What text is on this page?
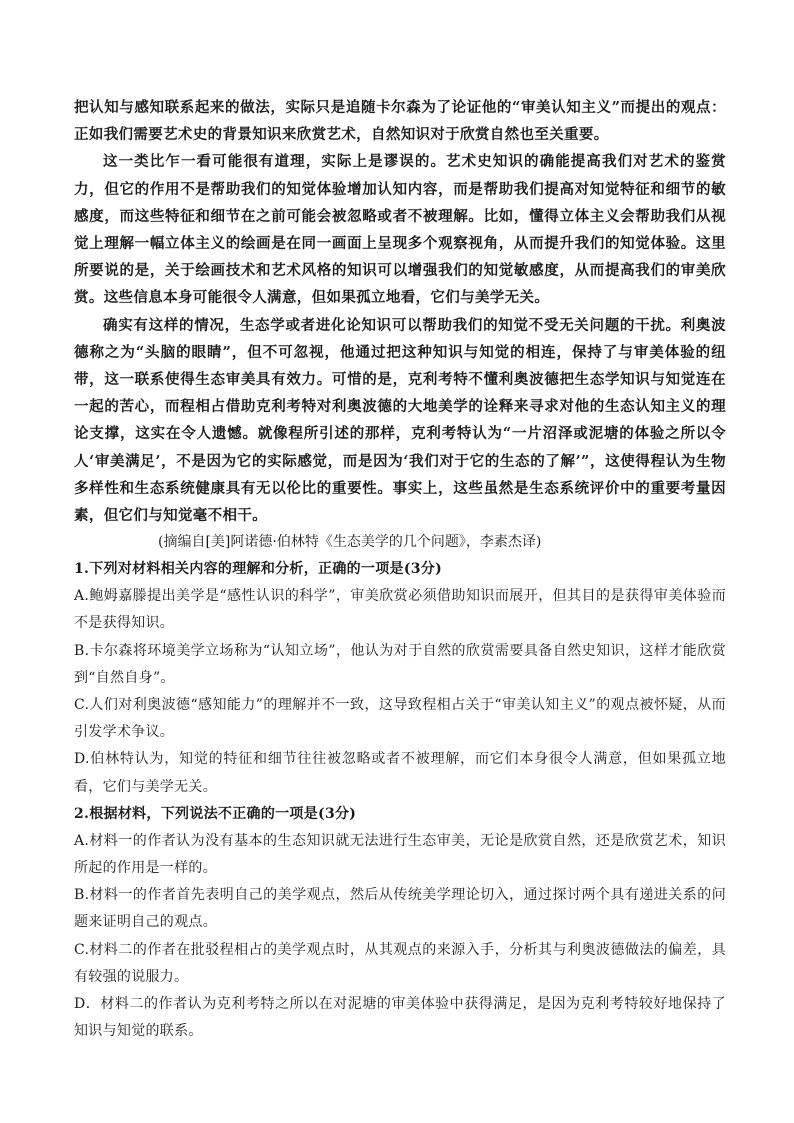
把认知与感知联系起来的做法，实际只是追随卡尔森为了论证他的“审美认知主义”而提出的观点：正如我们需要艺术史的背景知识来欣赏艺术，自然知识对于欣赏自然也至关重要。

这一类比乍一看可能很有道理，实际上是谬误的。艺术史知识的确能提高我们对艺术的鉴赏力，但它的作用不是帮助我们的知觉体验增加认知内容，而是帮助我们提高对知觉特征和细节的敏感度，而这些特征和细节在之前可能会被忽略或者不被理解。比如，懂得立体主义会帮助我们从视觉上理解一幅立体主义的绘画是在同一画面上呈现多个观察视角，从而提升我们的知觉体验。这里所要说的是，关于绘画技术和艺术风格的知识可以增强我们的知觉敏感度，从而提高我们的审美欣赏。这些信息本身可能很令人满意，但如果孤立地看，它们与美学无关。

确实有这样的情况，生态学或者进化论知识可以帮助我们的知觉不受无关问题的干扰。利奥波德称之为“头脑的眼睛”，但不可忽视，他通过把这种知识与知觉的相连，保持了与审美体验的纽带，这一联系使得生态审美具有效力。可惜的是，克利考特不懂利奥波德把生态学知识与知觉连在一起的苦心，而程相占借助克利考特对利奥波德的大地美学的诠释来寻求对他的生态认知主义的理论支撑，这实在令人遗憾。就像程所引述的那样，克利考特认为“一片沼泽或泥塘的体验之所以令人‘审美满足’，不是因为它的实际感觉，而是因为‘我们对于它的生态的了解’”，这使得程认为生物多样性和生态系统健康具有无以伦比的重要性。事实上，这些虽然是生态系统评价中的重要考量因素，但它们与知觉毫不相干。

(摘编自[美]阿诺德·伯林特《生态美学的几个问题》，李素杰译)

1.下列对材料相关内容的理解和分析，正确的一项是(3分)

A.鲍姆嘉滕提出美学是“感性认识的科学”，审美欣赏必须借助知识而展开，但其目的是获得审美体验而不是获得知识。

B.卡尔森将环境美学立场称为“认知立场”，他认为对于自然的欣赏需要具备自然史知识，这样才能欣赏到“自然自身”。

C.人们对利奥波德“感知能力”的理解并不一致，这导致程相占关于“审美认知主义”的观点被怀疑，从而引发学术争议。

D.伯林特认为，知觉的特征和细节往往被忽略或者不被理解，而它们本身很令人满意，但如果孤立地看，它们与美学无关。

2.根据材料，下列说法不正确的一项是(3分)

A.材料一的作者认为没有基本的生态知识就无法进行生态审美，无论是欣赏自然，还是欣赏艺术，知识所起的作用是一样的。

B.材料一的作者首先表明自己的美学观点，然后从传统美学理论切入，通过探讨两个具有递进关系的问题来证明自己的观点。

C.材料二的作者在批驳程相占的美学观点时，从其观点的来源入手，分析其与利奥波德做法的偏差，具有较强的说服力。

D．材料二的作者认为克利考特之所以在对泥塘的审美体验中获得满足，是因为克利考特较好地保持了知识与知觉的联系。
